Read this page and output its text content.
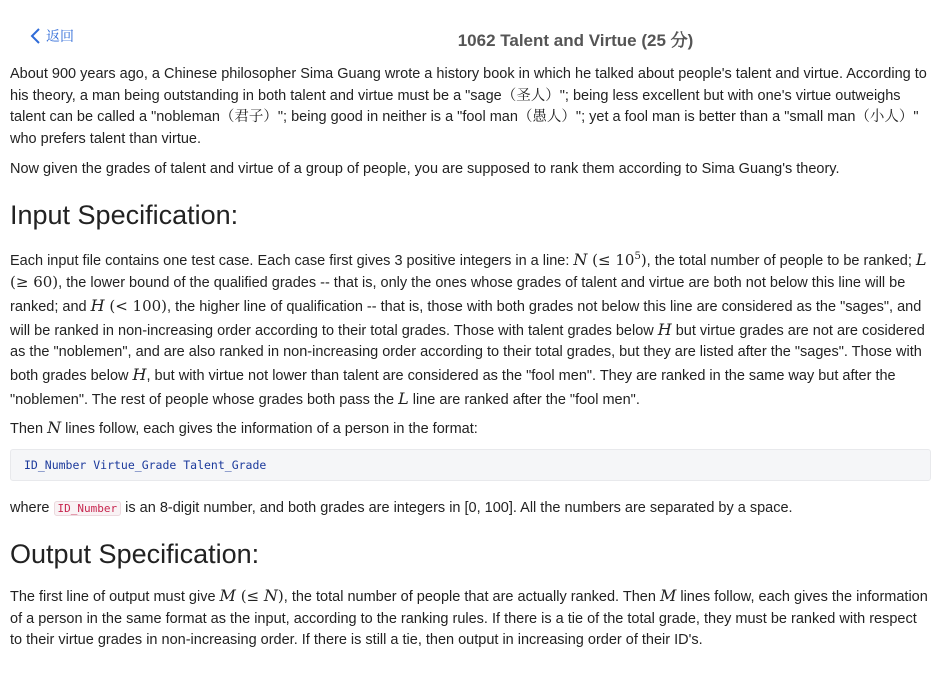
返回	1062 Talent and Virtue (25 分)

About 900 years ago, a Chinese philosopher Sima Guang wrote a history book in which he talked about people's talent and virtue. According to his theory, a man being outstanding in both talent and virtue must be a "sage（圣人）"; being less excellent but with one's virtue outweighs talent can be called a "nobleman（君子）"; being good in neither is a "fool man（愚人）"; yet a fool man is better than a "small man（小人）" who prefers talent than virtue.

Now given the grades of talent and virtue of a group of people, you are supposed to rank them according to Sima Guang's theory.

Input Specification:

Each input file contains one test case. Each case first gives 3 positive integers in a line: N (≤ $10^5$), the total number of people to be ranked; L (≥ 60), the lower bound of the qualified grades -- that is, only the ones whose grades of talent and virtue are both not below this line will be ranked; and H (< 100), the higher line of qualification -- that is, those with both grades not below this line are considered as the "sages", and will be ranked in non-increasing order according to their total grades. Those with talent grades below H but virtue grades are not are cosidered as the "noblemen", and are also ranked in non-increasing order according to their total grades, but they are listed after the "sages". Those with both grades below H, but with virtue not lower than talent are considered as the "fool men". They are ranked in the same way but after the "noblemen". The rest of people whose grades both pass the L line are ranked after the "fool men".

Then N lines follow, each gives the information of a person in the format:

ID_Number Virtue_Grade Talent_Grade

where ID_Number is an 8-digit number, and both grades are integers in [0, 100]. All the numbers are separated by a space.

Output Specification:

The first line of output must give M (≤ N), the total number of people that are actually ranked. Then M lines follow, each gives the information of a person in the same format as the input, according to the ranking rules. If there is a tie of the total grade, they must be ranked with respect to their virtue grades in non-increasing order. If there is still a tie, then output in increasing order of their ID's.
